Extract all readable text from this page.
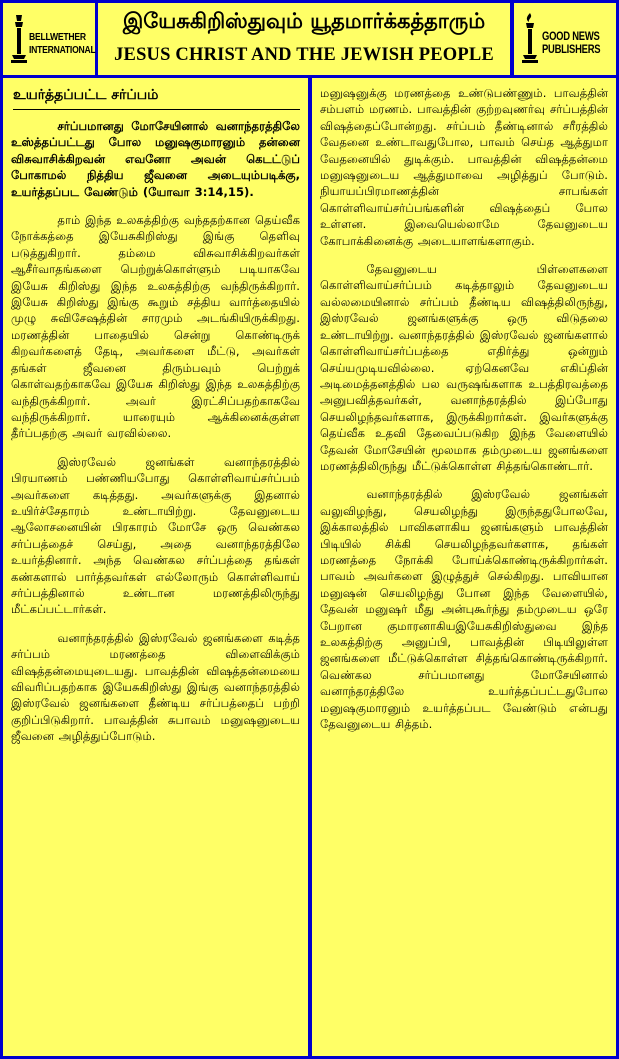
BELLWETHER
INTERNATIONAL
இயேசுகிறிஸ்துவும் யூதமார்க்கத்தாரும்
JESUS CHRIST AND THE JEWISH PEOPLE
GOOD NEWS
PUBLISHERS
உயர்த்தப்பட்ட சர்ப்பம்

சர்ப்பமானது மோசேயினால் வனாந்தரத்திலே உஸ்த்தப்பட்டது போல மனுஷகுமாரனும் தன்னை விசுவாசிக்கிறவன் எவனோ அவன் கெடட்டுப் போகாமல் நித்திய ஜீவனை அடையும்படிக்கு, உயர்த்தப்பட வேண்டும் (யோவா 3:14,15).

தாம் இந்த உலகத்திற்கு வந்ததற்கான தெய்வீக நோக்கத்தை இயேசுகிறிஸ்து இங்கு தெளிவு படுத்துகிறார். தம்மை விசுவாசிக்கிறவர்கள் ஆசீர்வாதங்களை பெற்றுக்கொள்ளும் படியாகவே இயேசு கிறிஸ்து இந்த உலகத்திற்கு வந்திருக்கிறார். இயேசு கிறிஸ்து இங்கு கூறும் சத்திய வார்த்தையில் முழு சுவிசேஷத்தின் சாரமும் அடங்கியிருக்கிறது. மரணத்தின் பாதையில் சென்று கொண்டிருக் கிறவர்களைத் தேடி, அவர்களை மீட்டு, அவர்கள் தங்கள் ஜீவனை திரும்பவும் பெற்றுக் கொள்வதற்காகவே இயேசு கிறிஸ்து இந்த உலகத்திற்கு வந்திருக்கிறார். அவர் இரட்சிப்பதற்காகவே வந்திருக்கிறார். யாரையும் ஆக்கினைக்குள்ள தீர்ப்பதற்கு அவர் வரவில்லை.

இஸ்ரவேல் ஜனங்கள் வனாந்தரத்தில் பிரயாணம் பண்ணியபோது கொள்ளிவாய்சர்ப்பம் அவர்களை கடித்தது. அவர்களுக்கு இதனால் உயிர்ச்சேதாரம் உண்டாயிற்று. தேவனுடைய ஆலோசனையின் பிரகாரம் மோசே ஒரு வெண்கல சர்ப்பத்தைச் செய்து, அதை வனாந்தரத்திலே உயர்த்தினார். அந்த வெண்கல சர்ப்பத்தை தங்கள் கண்களால் பார்த்தவர்கள் எல்லோரும் கொள்ளிவாய் சர்ப்பத்தினால் உண்டான மரணத்திலிருந்து மீட்கப்பட்டார்கள்.

வனாந்தரத்தில் இஸ்ரவேல் ஜனங்களை கடித்த சர்ப்பம் மரணத்தை விளைவிக்கும் விஷத்தன்மையுடையது. பாவத்தின் விஷத்தன்மையை விவரிப்பதற்காக இயேசுகிறிஸ்து இங்கு வனாந்தரத்தில் இஸ்ரவேல் ஜனங்களை தீண்டிய சர்ப்பத்தைப் பற்றி குறிப்பிடுகிறார். பாவத்தின் சுபாவம் மனுஷனுடைய ஜீவனை அழித்துப்போடும்.

மனுஷனுக்கு மரணத்தை உண்டுபண்ணும். பாவத்தின் சம்பளம் மரணம். பாவத்தின் குற்றவுணர்வு சர்ப்பத்தின் விஷத்தைப்போன்றது. சர்ப்பம் தீண்டினால் சரீரத்தில் வேதனை உண்டாவதுபோல, பாவம் செய்த ஆத்துமா வேதனையில் துடிக்கும். பாவத்தின் விஷத்தன்மை மனுஷனுடைய ஆத்துமாவை அழித்துப் போடும். நியாயப்பிரமாணத்தின் சாபங்கள் கொள்ளிவாய்சர்ப்பங்களின் விஷத்தைப் போல உள்ளன. இவையெல்லாமே தேவனுடைய கோபாக்கினைக்கு அடையாளங்களாகும்.

தேவனுடைய பிள்ளைகளை கொள்ளிவாய்சர்ப்பம் கடித்தாலும் தேவனுடைய வல்லமையினால் சர்ப்பம் தீண்டிய விஷத்திலிருந்து, இஸ்ரவேல் ஜனங்களுக்கு ஒரு விடுதலை உண்டாயிற்று. வனாந்தரத்தில் இஸ்ரவேல் ஜனங்களால் கொள்ளிவாய்சர்ப்பத்தை எதிர்த்து ஒன்றும் செய்யமுடியவில்லை. ஏற்கெனவே எகிப்தின் அடிமைத்தனத்தில் பல வருஷங்களாக உபத்திரவத்தை அனுபவித்தவர்கள், வனாந்தரத்தில் இப்போது செயலிழந்தவர்களாக, இருக்கிறார்கள். இவர்களுக்கு தெய்வீக உதவி தேவைப்படுகிற இந்த வேளையில் தேவன் மோசேயின் மூலமாக தம்முடைய ஜனங்களை மரணத்திலிருந்து மீட்டுக்கொள்ள சித்தங்கொண்டார்.

வனாந்தரத்தில் இஸ்ரவேல் ஜனங்கள் வலுவிழந்து, செயலிழந்து இருந்ததுபோலவே, இக்காலத்தில் பாவிகளாகிய ஜனங்களும் பாவத்தின் பிடியில் சிக்கி செயலிழந்தவர்களாக, தங்கள் மரணத்தை நோக்கி போய்க்கொண்டிருக்கிறார்கள். பாவம் அவர்களை இழுத்துச் செல்கிறது. பாவியான மனுஷன் செயலிழந்து போன இந்த வேளையில், தேவன் மனுஷர் மீது அன்புகூர்ந்து தம்முடைய ஒரே பேறான குமாரனாகியஇயேசுகிறிஸ்துவை இந்த உலகத்திற்கு அனுப்பி, பாவத்தின் பிடியிலுள்ள ஜனங்களை மீட்டுக்கொள்ள சித்தங்கொண்டிருக்கிறார். வெண்கல சர்ப்பமானது மோசேயினால் வனாந்தரத்திலே உயர்த்தப்பட்டதுபோல மனுஷகுமாரனும் உயர்த்தப்பட வேண்டும் என்பது தேவனுடைய சித்தம்.
